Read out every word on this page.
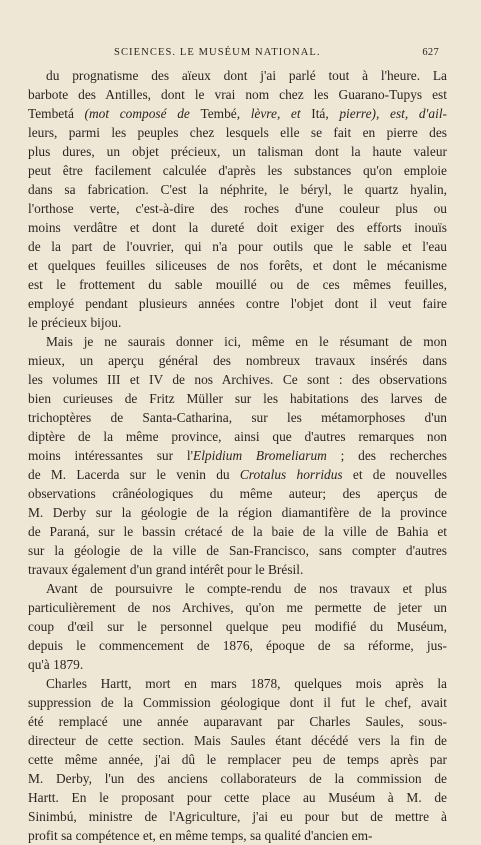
SCIENCES. LE MUSÉUM NATIONAL.	627
du prognatisme des aïeux dont j'ai parlé tout à l'heure. La
barbote des Antilles, dont le vrai nom chez les Guarano-Tupys est
Tembetá (mot composé de Tembé, lèvre, et Itá, pierre), est, d'ail-
leurs, parmi les peuples chez lesquels elle se fait en pierre des
plus dures, un objet précieux, un talisman dont la haute valeur
peut être facilement calculée d'après les substances qu'on emploie
dans sa fabrication. C'est la néphrite, le béryl, le quartz hyalin,
l'orthose verte, c'est-à-dire des roches d'une couleur plus ou
moins verdâtre et dont la dureté doit exiger des efforts inouïs
de la part de l'ouvrier, qui n'a pour outils que le sable et l'eau
et quelques feuilles siliceuses de nos forêts, et dont le mécanisme
est le frottement du sable mouillé ou de ces mêmes feuilles,
employé pendant plusieurs années contre l'objet dont il veut faire
le précieux bijou.
Mais je ne saurais donner ici, même en le résumant de mon
mieux, un aperçu général des nombreux travaux insérés dans
les volumes III et IV de nos Archives. Ce sont : des observations
bien curieuses de Fritz Müller sur les habitations des larves de
trichoptères de Santa-Catharina, sur les métamorphoses d'un
diptère de la même province, ainsi que d'autres remarques non
moins intéressantes sur l'Elpidium Bromeliarum ; des recherches
de M. Lacerda sur le venin du Crotalus horridus et de nouvelles
observations crânéologiques du même auteur; des aperçus de
M. Derby sur la géologie de la région diamantifère de la province
de Paraná, sur le bassin crétacé de la baie de la ville de Bahia et
sur la géologie de la ville de San-Francisco, sans compter d'autres
travaux également d'un grand intérêt pour le Brésil.
Avant de poursuivre le compte-rendu de nos travaux et plus
particulièrement de nos Archives, qu'on me permette de jeter un
coup d'œil sur le personnel quelque peu modifié du Muséum,
depuis le commencement de 1876, époque de sa réforme, jus-
qu'à 1879.
Charles Hartt, mort en mars 1878, quelques mois après la
suppression de la Commission géologique dont il fut le chef, avait
été remplacé une année auparavant par Charles Saules, sous-
directeur de cette section. Mais Saules étant décédé vers la fin de
cette même année, j'ai dû le remplacer peu de temps après par
M. Derby, l'un des anciens collaborateurs de la commission de
Hartt. En le proposant pour cette place au Muséum à M. de
Sinimbú, ministre de l'Agriculture, j'ai eu pour but de mettre à
profit sa compétence et, en même temps, sa qualité d'ancien em-
